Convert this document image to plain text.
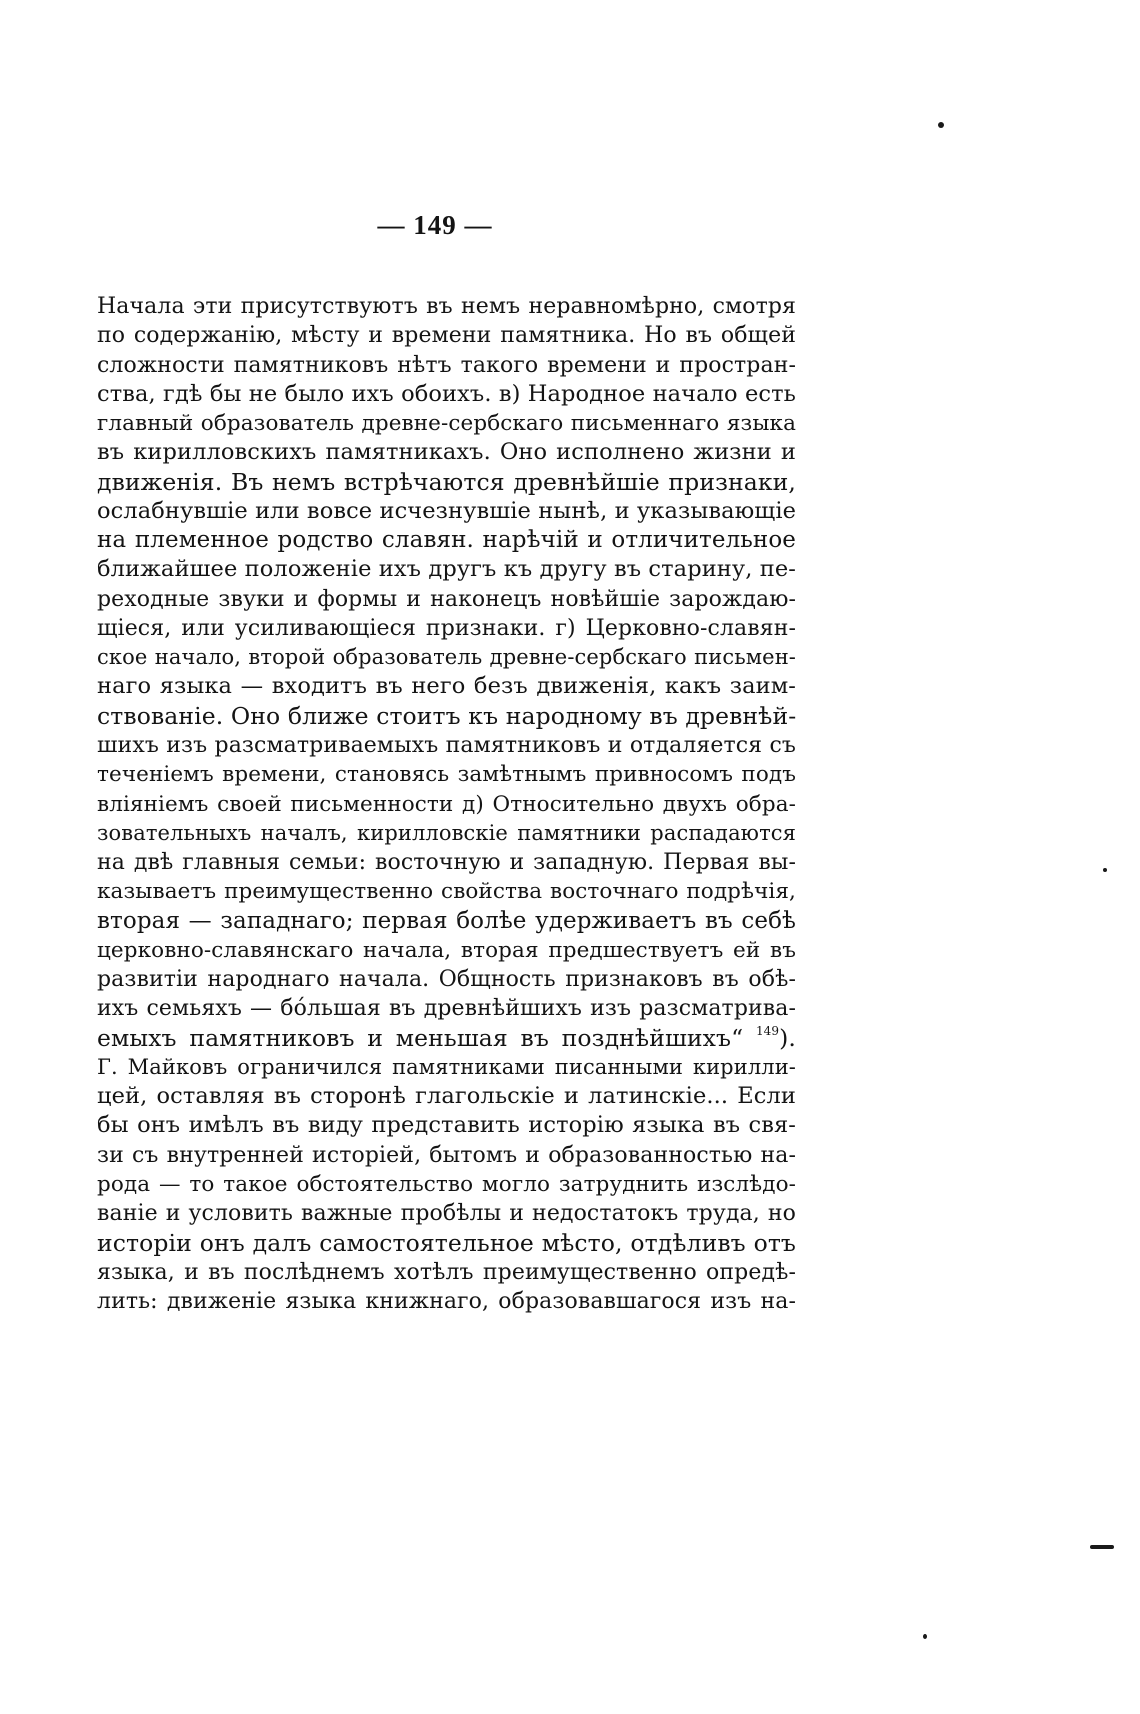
— 149 —

Начала эти присутствуютъ въ немъ неравномѣрно, смотря
по содержанію, мѣсту и времени памятника. Но въ общей
сложности памятниковъ нѣтъ такого времени и простран-
ства, гдѣ бы не было ихъ обоихъ. в) Народное начало есть
главный образователь древне-сербскаго письменнаго языка
въ кирилловскихъ памятникахъ. Оно исполнено жизни и
движенія. Въ немъ встрѣчаются древнѣйшіе признаки,
ослабнувшіе или вовсе исчезнувшіе нынѣ, и указывающіе
на племенное родство славян. нарѣчій и отличительное
ближайшее положеніе ихъ другъ къ другу въ старину, пе-
реходные звуки и формы и наконецъ новѣйшіе зарождаю-
щіеся, или усиливающіеся признаки. г) Церковно-славян-
ское начало, второй образователь древне-сербскаго письмен-
наго языка — входитъ въ него безъ движенія, какъ заим-
ствованіе. Оно ближе стоитъ къ народному въ древнѣй-
шихъ изъ разсматриваемыхъ памятниковъ и отдаляется съ
теченіемъ времени, становясь замѣтнымъ привносомъ подъ
вліяніемъ своей письменности д) Относительно двухъ обра-
зовательныхъ началъ, кирилловскіе памятники распадаются
на двѣ главныя семьи: восточную и западную. Первая вы-
казываетъ преимущественно свойства восточнаго подрѣчія,
вторая — западнаго; первая болѣе удерживаетъ въ себѣ
церковно-славянскаго начала, вторая предшествуетъ ей въ
развитіи народнаго начала. Общность признаковъ въ обѣ-
ихъ семьяхъ — бо́льшая въ древнѣйшихъ изъ разсматрива-
емыхъ памятниковъ и меньшая въ позднѣйшихъ“ $^{149}$).
Г. Майковъ ограничился памятниками писанными кирилли-
цей, оставляя въ сторонѣ глагольскіе и латинскіе... Если
бы онъ имѣлъ въ виду представить исторію языка въ свя-
зи съ внутренней исторіей, бытомъ и образованностью на-
рода — то такое обстоятельство могло затруднить изслѣдо-
ваніе и условить важные пробѣлы и недостатокъ труда, но
исторіи онъ далъ самостоятельное мѣсто, отдѣливъ отъ
языка, и въ послѣднемъ хотѣлъ преимущественно опредѣ-
лить: движеніе языка книжнаго, образовавшагося изъ на-
